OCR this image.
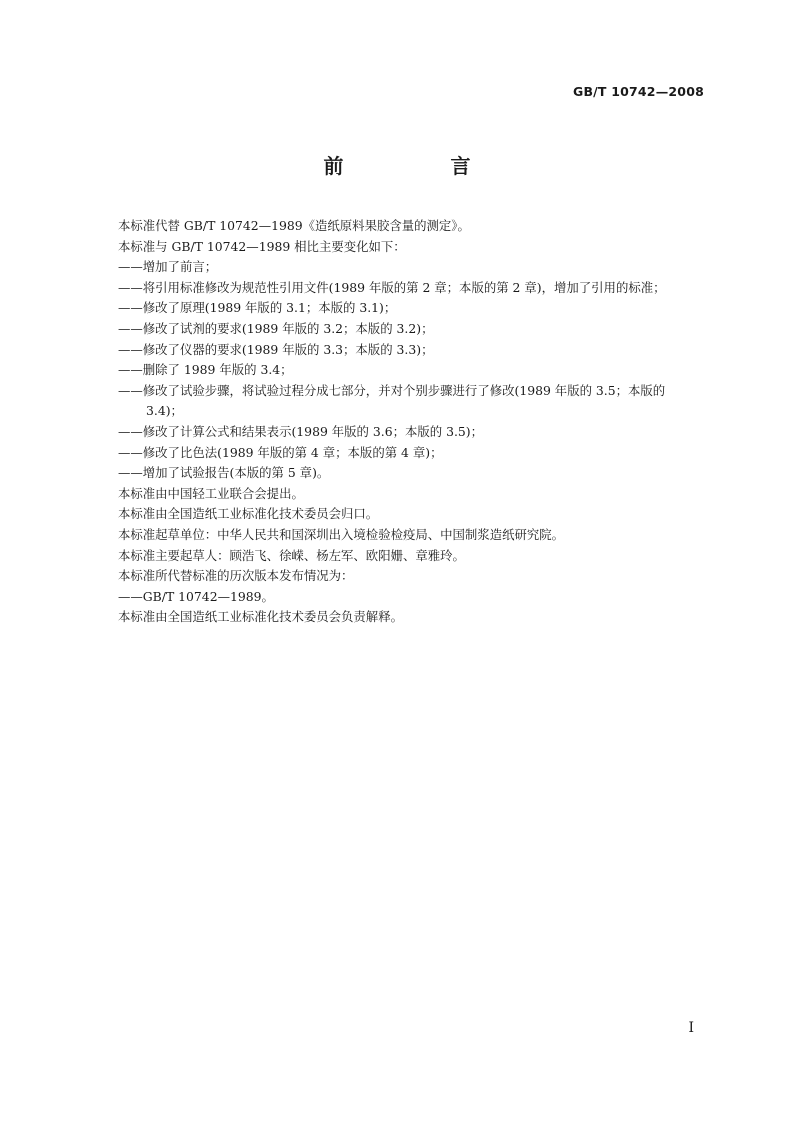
GB/T 10742—2008
前 言
本标准代替 GB/T 10742—1989《造纸原料果胶含量的测定》。
本标准与 GB/T 10742—1989 相比主要变化如下：
——增加了前言；
——将引用标准修改为规范性引用文件(1989 年版的第 2 章；本版的第 2 章)，增加了引用的标准；
——修改了原理(1989 年版的 3.1；本版的 3.1)；
——修改了试剂的要求(1989 年版的 3.2；本版的 3.2)；
——修改了仪器的要求(1989 年版的 3.3；本版的 3.3)；
——删除了 1989 年版的 3.4；
——修改了试验步骤，将试验过程分成七部分，并对个别步骤进行了修改(1989 年版的 3.5；本版的
3.4)；
——修改了计算公式和结果表示(1989 年版的 3.6；本版的 3.5)；
——修改了比色法(1989 年版的第 4 章；本版的第 4 章)；
——增加了试验报告(本版的第 5 章)。
本标准由中国轻工业联合会提出。
本标准由全国造纸工业标准化技术委员会归口。
本标准起草单位：中华人民共和国深圳出入境检验检疫局、中国制浆造纸研究院。
本标准主要起草人：顾浩飞、徐嵘、杨左军、欧阳姗、章雅玲。
本标准所代替标准的历次版本发布情况为：
——GB/T 10742—1989。
本标准由全国造纸工业标准化技术委员会负责解释。
I
